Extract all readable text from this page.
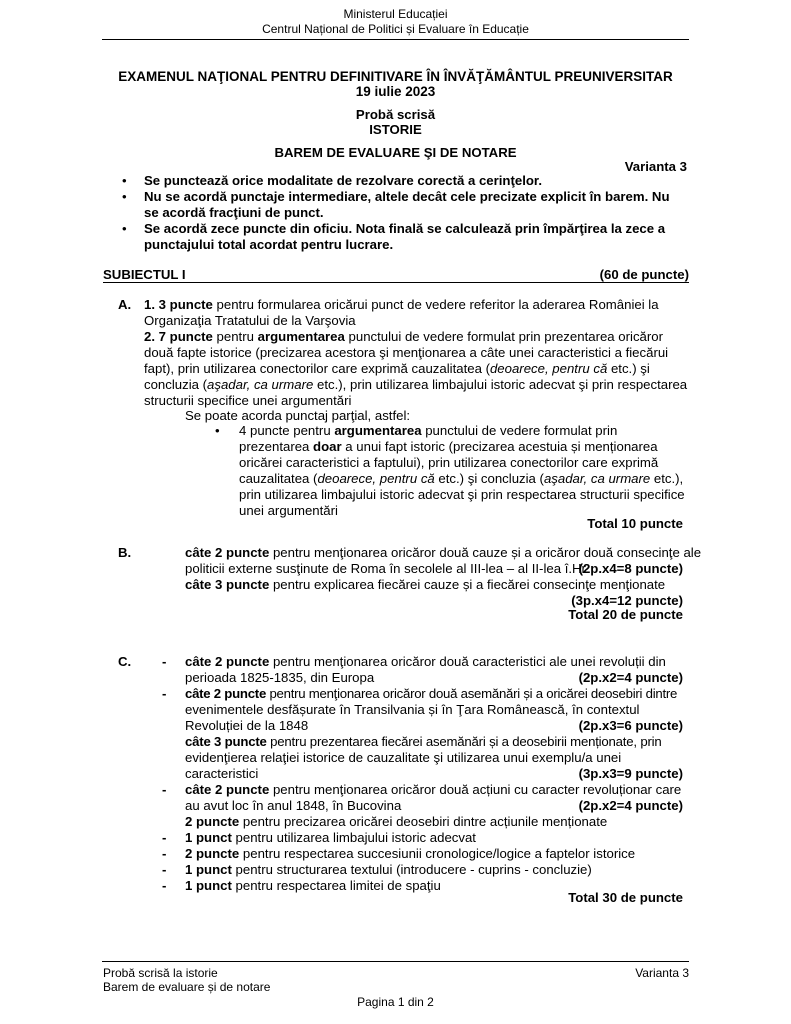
Ministerul Educației
Centrul Național de Politici și Evaluare în Educație
EXAMENUL NAŢIONAL PENTRU DEFINITIVARE ÎN ÎNVĂŢĂMÂNTUL PREUNIVERSITAR
19 iulie 2023
Probă scrisă
ISTORIE
BAREM DE EVALUARE ŞI DE NOTARE
Varianta 3
• Se punctează orice modalitate de rezolvare corectă a cerinţelor.
• Nu se acordă punctaje intermediare, altele decât cele precizate explicit în barem. Nu
se acordă fracţiuni de punct.
• Se acordă zece puncte din oficiu. Nota finală se calculează prin împărţirea la zece a
punctajului total acordat pentru lucrare.
SUBIECTUL I	(60 de puncte)
A. 1. 3 puncte pentru formularea oricărui punct de vedere referitor la aderarea României la
Organizaţia Tratatului de la Varşovia
2. 7 puncte pentru argumentarea punctului de vedere formulat prin prezentarea oricăror
două fapte istorice (precizarea acestora şi menţionarea a câte unei caracteristici a fiecărui
fapt), prin utilizarea conectorilor care exprimă cauzalitatea (deoarece, pentru că etc.) şi
concluzia (aşadar, ca urmare etc.), prin utilizarea limbajului istoric adecvat şi prin respectarea
structurii specifice unei argumentări
Se poate acorda punctaj parţial, astfel:
• 4 puncte pentru argumentarea punctului de vedere formulat prin
prezentarea doar a unui fapt istoric (precizarea acestuia și menționarea
oricărei caracteristici a faptului), prin utilizarea conectorilor care exprimă
cauzalitatea (deoarece, pentru că etc.) şi concluzia (aşadar, ca urmare etc.),
prin utilizarea limbajului istoric adecvat şi prin respectarea structurii specifice
unei argumentări
Total 10 puncte
B.	câte 2 puncte pentru menţionarea oricăror două cauze și a oricăror două consecinţe ale
politicii externe susţinute de Roma în secolele al III-lea – al II-lea î.Hr.
(2p.x4=8 puncte)
câte 3 puncte pentru explicarea fiecărei cauze și a fiecărei consecinţe menţionate
(3p.x4=12 puncte)
Total 20 de puncte
C. - câte 2 puncte pentru menţionarea oricăror două caracteristici ale unei revoluții din
perioada 1825-1835, din Europa	(2p.x2=4 puncte)
- câte 2 puncte pentru menţionarea oricăror două asemănări și a oricărei deosebiri dintre
evenimentele desfășurate în Transilvania și în Ţara Românească, în contextul
Revoluției de la 1848	(2p.x3=6 puncte)
câte 3 puncte pentru prezentarea fiecărei asemănări și a deosebirii menționate, prin
evidenţierea relaţiei istorice de cauzalitate şi utilizarea unui exemplu/a unei
caracteristici	(3p.x3=9 puncte)
- câte 2 puncte pentru menţionarea oricăror două acțiuni cu caracter revoluționar care
au avut loc în anul 1848, în Bucovina	(2p.x2=4 puncte)
2 puncte pentru precizarea oricărei deosebiri dintre acțiunile menționate
- 1 punct pentru utilizarea limbajului istoric adecvat
- 2 puncte pentru respectarea succesiunii cronologice/logice a faptelor istorice
- 1 punct pentru structurarea textului (introducere - cuprins - concluzie)
- 1 punct pentru respectarea limitei de spaţiu
Total 30 de puncte
Probă scrisă la istorie
Barem de evaluare și de notare
Varianta 3
Pagina 1 din 2
